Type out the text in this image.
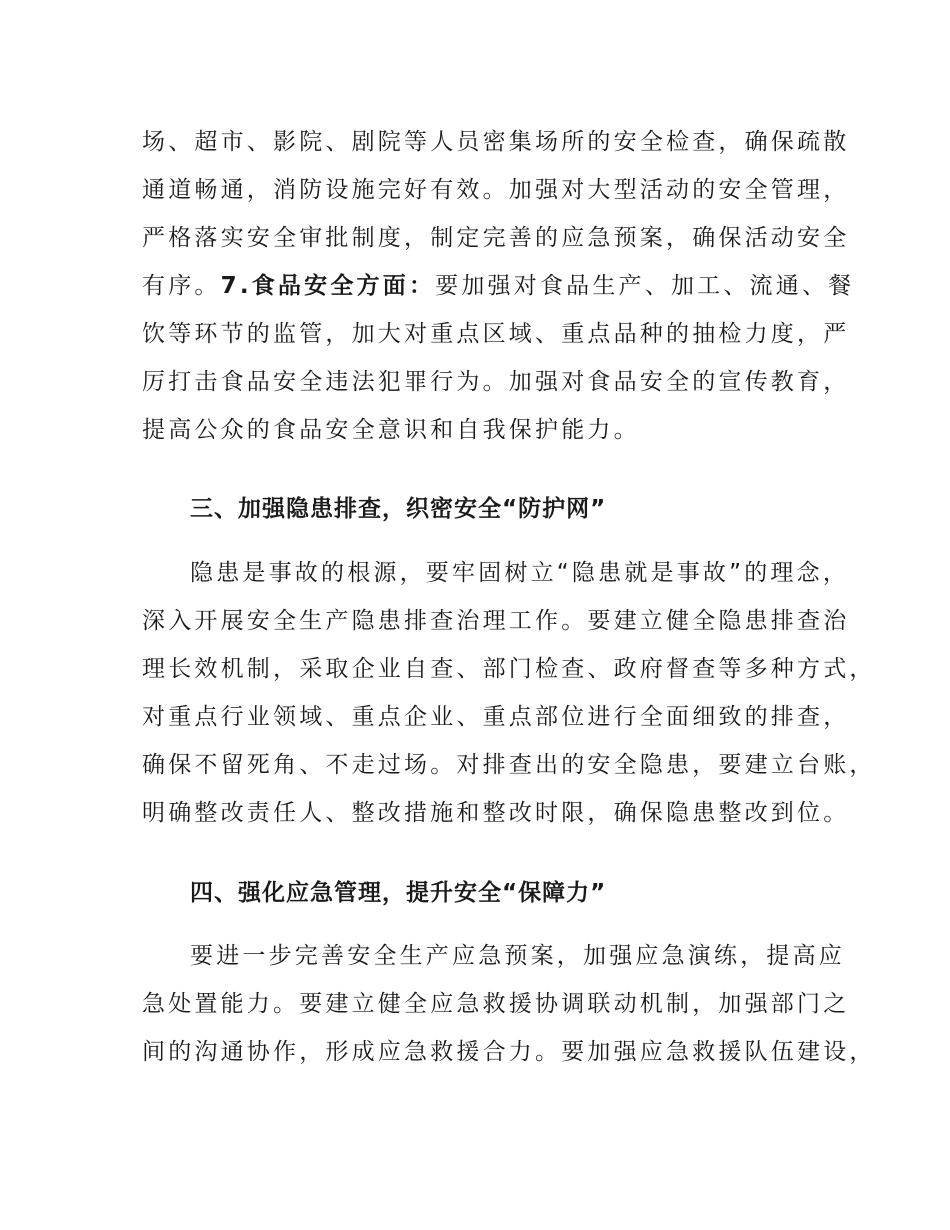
场、超市、影院、剧院等人员密集场所的安全检查，确保疏散
通道畅通，消防设施完好有效。加强对大型活动的安全管理，
严格落实安全审批制度，制定完善的应急预案，确保活动安全
有序。7.食品安全方面：要加强对食品生产、加工、流通、餐
饮等环节的监管，加大对重点区域、重点品种的抽检力度，严
厉打击食品安全违法犯罪行为。加强对食品安全的宣传教育，
提高公众的食品安全意识和自我保护能力。
三、加强隐患排查，织密安全“防护网”
隐患是事故的根源，要牢固树立“隐患就是事故”的理念，
深入开展安全生产隐患排查治理工作。要建立健全隐患排查治
理长效机制，采取企业自查、部门检查、政府督查等多种方式，
对重点行业领域、重点企业、重点部位进行全面细致的排查，
确保不留死角、不走过场。对排查出的安全隐患，要建立台账，
明确整改责任人、整改措施和整改时限，确保隐患整改到位。
四、强化应急管理，提升安全“保障力”
要进一步完善安全生产应急预案，加强应急演练，提高应
急处置能力。要建立健全应急救援协调联动机制，加强部门之
间的沟通协作，形成应急救援合力。要加强应急救援队伍建设，
